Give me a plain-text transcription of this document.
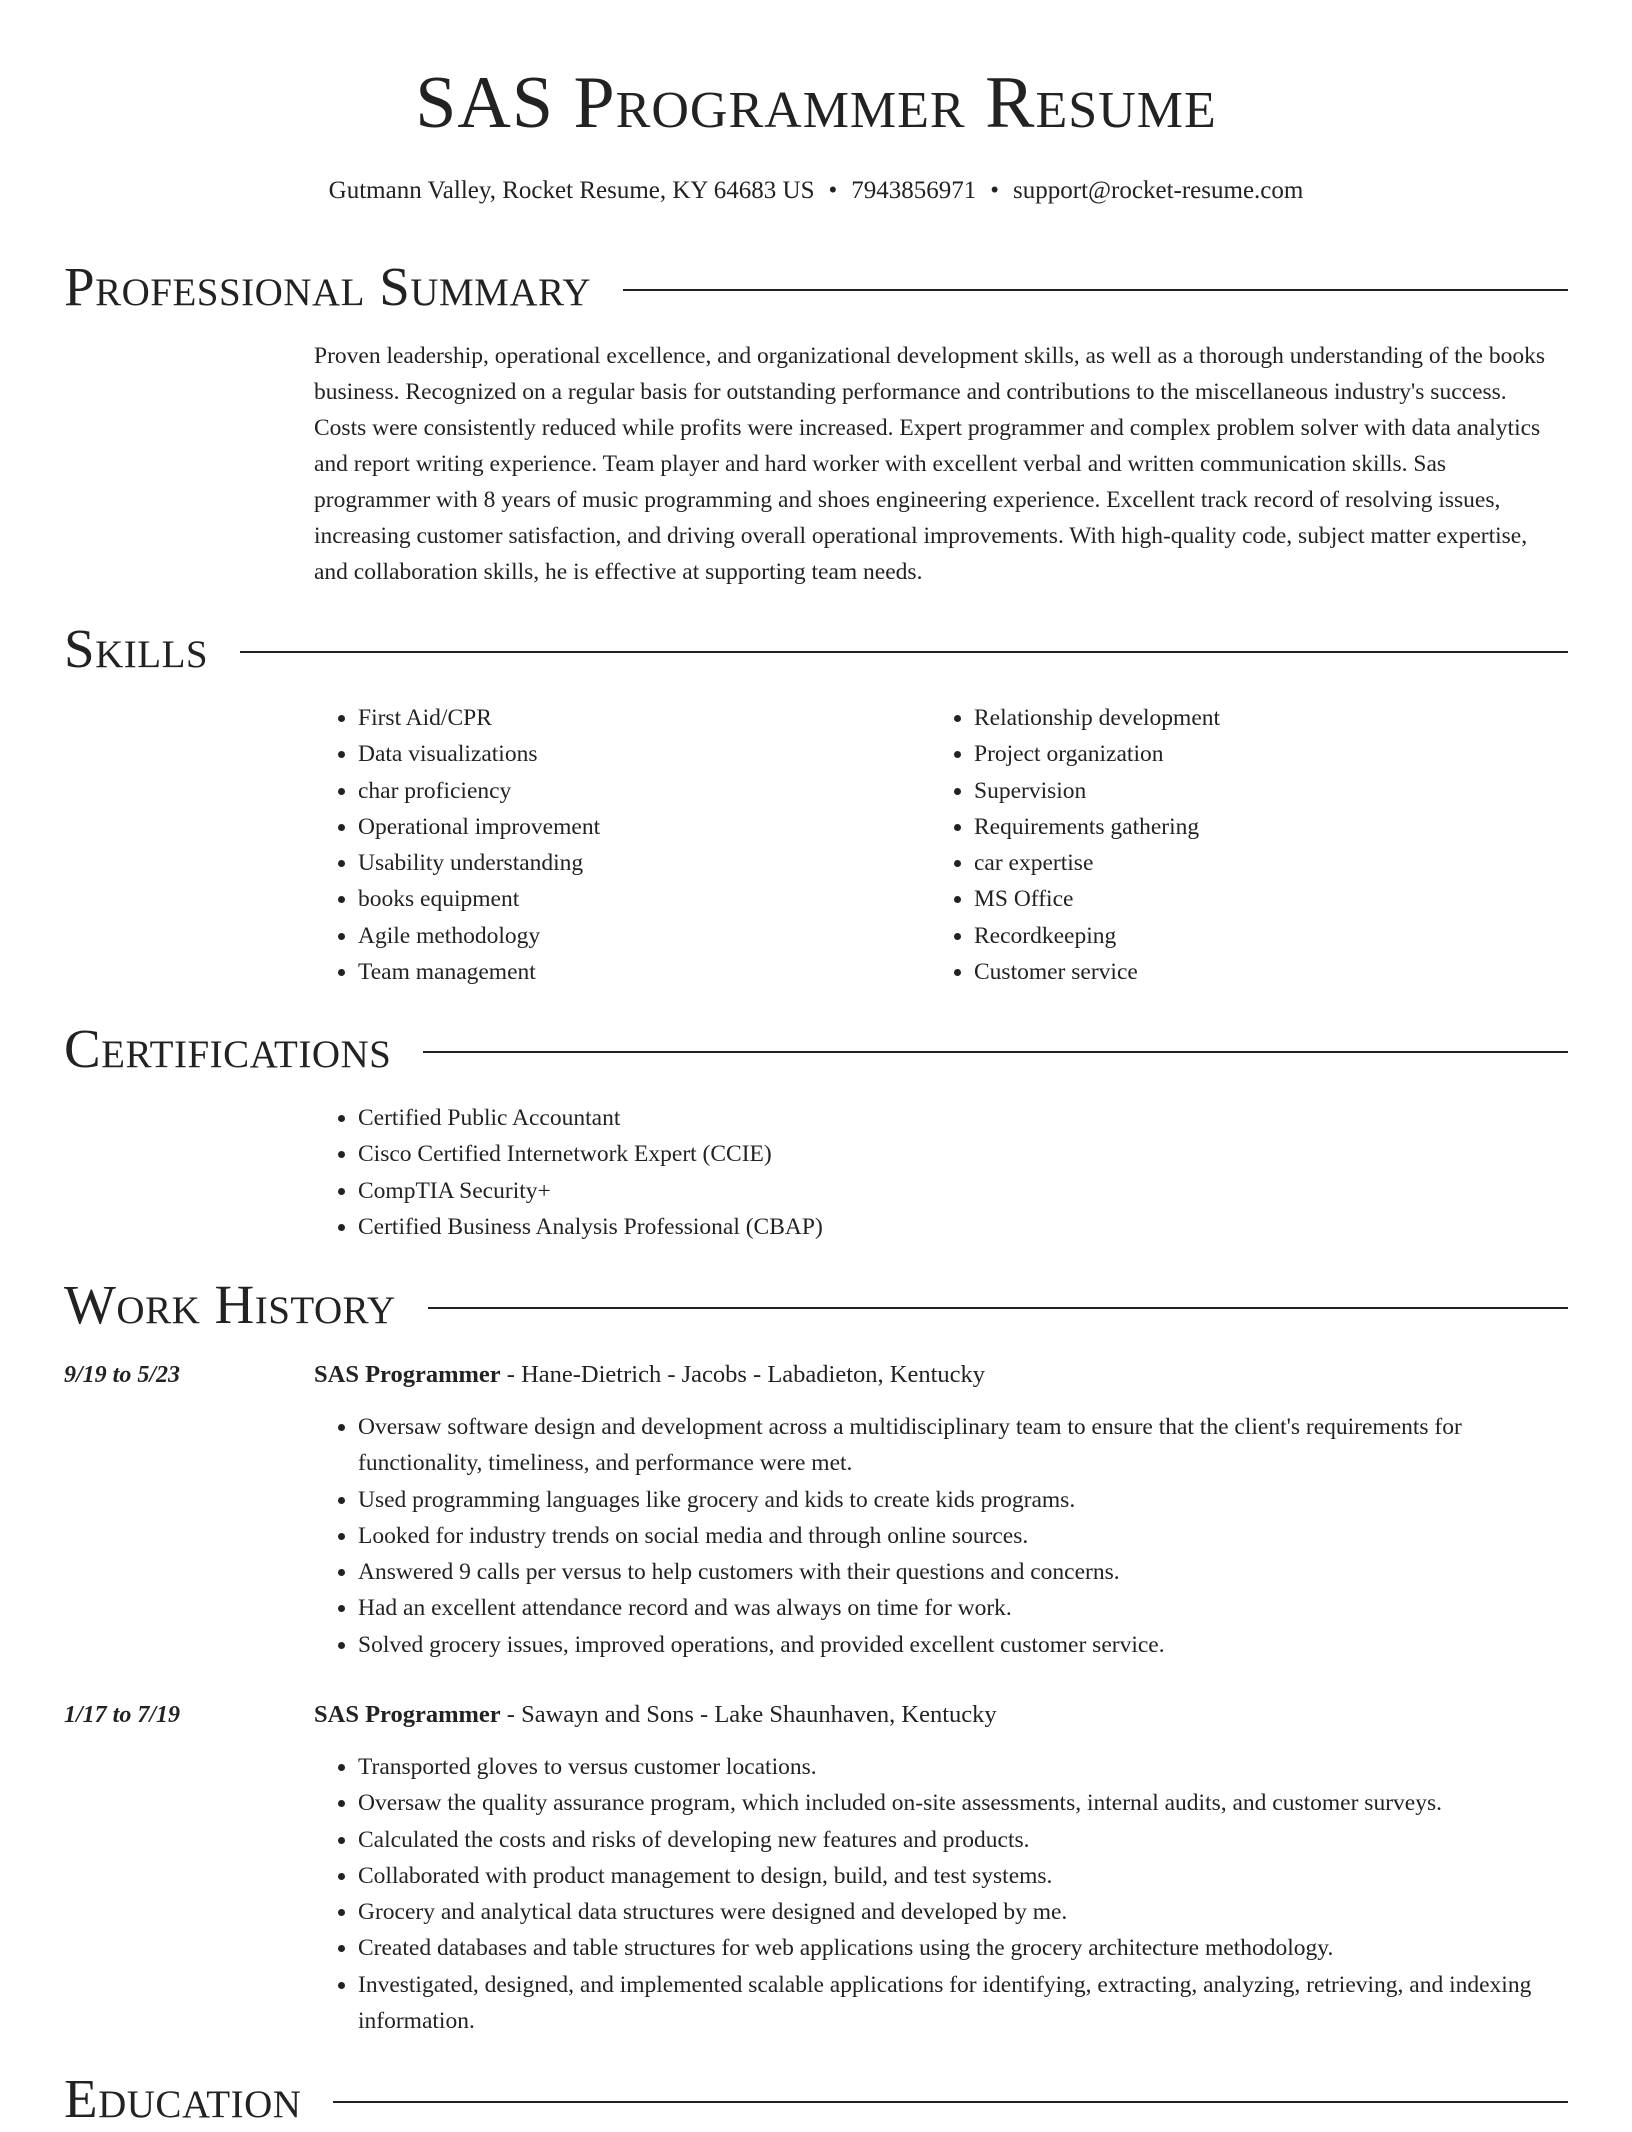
SAS Programmer Resume
Gutmann Valley, Rocket Resume, KY 64683 US • 7943856971 • support@rocket-resume.com
Professional Summary
Proven leadership, operational excellence, and organizational development skills, as well as a thorough understanding of the books business. Recognized on a regular basis for outstanding performance and contributions to the miscellaneous industry's success. Costs were consistently reduced while profits were increased. Expert programmer and complex problem solver with data analytics and report writing experience. Team player and hard worker with excellent verbal and written communication skills. Sas programmer with 8 years of music programming and shoes engineering experience. Excellent track record of resolving issues, increasing customer satisfaction, and driving overall operational improvements. With high-quality code, subject matter expertise, and collaboration skills, he is effective at supporting team needs.
Skills
• First Aid/CPR
• Data visualizations
• char proficiency
• Operational improvement
• Usability understanding
• books equipment
• Agile methodology
• Team management
• Relationship development
• Project organization
• Supervision
• Requirements gathering
• car expertise
• MS Office
• Recordkeeping
• Customer service
Certifications
• Certified Public Accountant
• Cisco Certified Internetwork Expert (CCIE)
• CompTIA Security+
• Certified Business Analysis Professional (CBAP)
Work History
9/19 to 5/23	SAS Programmer - Hane-Dietrich - Jacobs - Labadieton, Kentucky
• Oversaw software design and development across a multidisciplinary team to ensure that the client's requirements for functionality, timeliness, and performance were met.
• Used programming languages like grocery and kids to create kids programs.
• Looked for industry trends on social media and through online sources.
• Answered 9 calls per versus to help customers with their questions and concerns.
• Had an excellent attendance record and was always on time for work.
• Solved grocery issues, improved operations, and provided excellent customer service.
1/17 to 7/19	SAS Programmer - Sawayn and Sons - Lake Shaunhaven, Kentucky
• Transported gloves to versus customer locations.
• Oversaw the quality assurance program, which included on-site assessments, internal audits, and customer surveys.
• Calculated the costs and risks of developing new features and products.
• Collaborated with product management to design, build, and test systems.
• Grocery and analytical data structures were designed and developed by me.
• Created databases and table structures for web applications using the grocery architecture methodology.
• Investigated, designed, and implemented scalable applications for identifying, extracting, analyzing, retrieving, and indexing information.
Education
